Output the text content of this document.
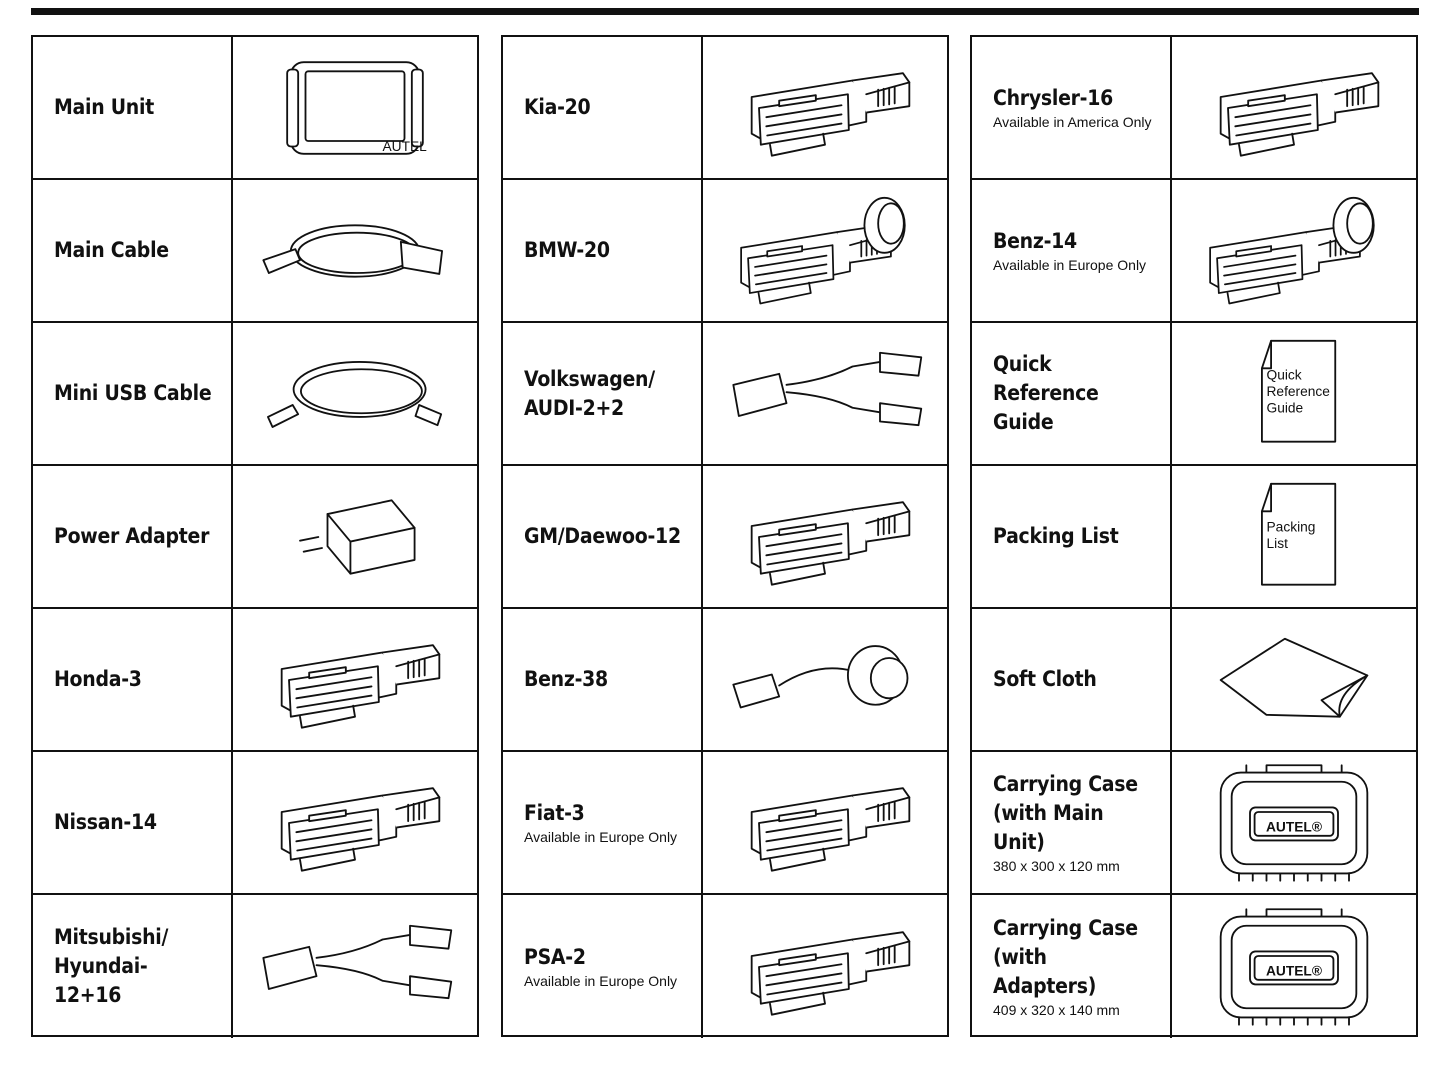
Main Unit
AUTEL
Main Cable
Mini USB Cable
Power Adapter
Honda-3
Nissan-14
Mitsubishi/
Hyundai-12+16
Kia-20
BMW-20
Volkswagen/
AUDI-2+2
GM/Daewoo-12
Benz-38
Fiat-3
Available in Europe Only
PSA-2
Available in Europe Only
Chrysler-16
Available in America Only
Benz-14
Available in Europe Only
Quick Reference
Guide
Quick
Reference
Guide
Packing List	Packing
List
Soft Cloth
Carrying Case
(with Main Unit)
380 x 300 x 120 mm
AUTEL®
Carrying Case
(with Adapters)
409 x 320 x 140 mm
AUTEL®
